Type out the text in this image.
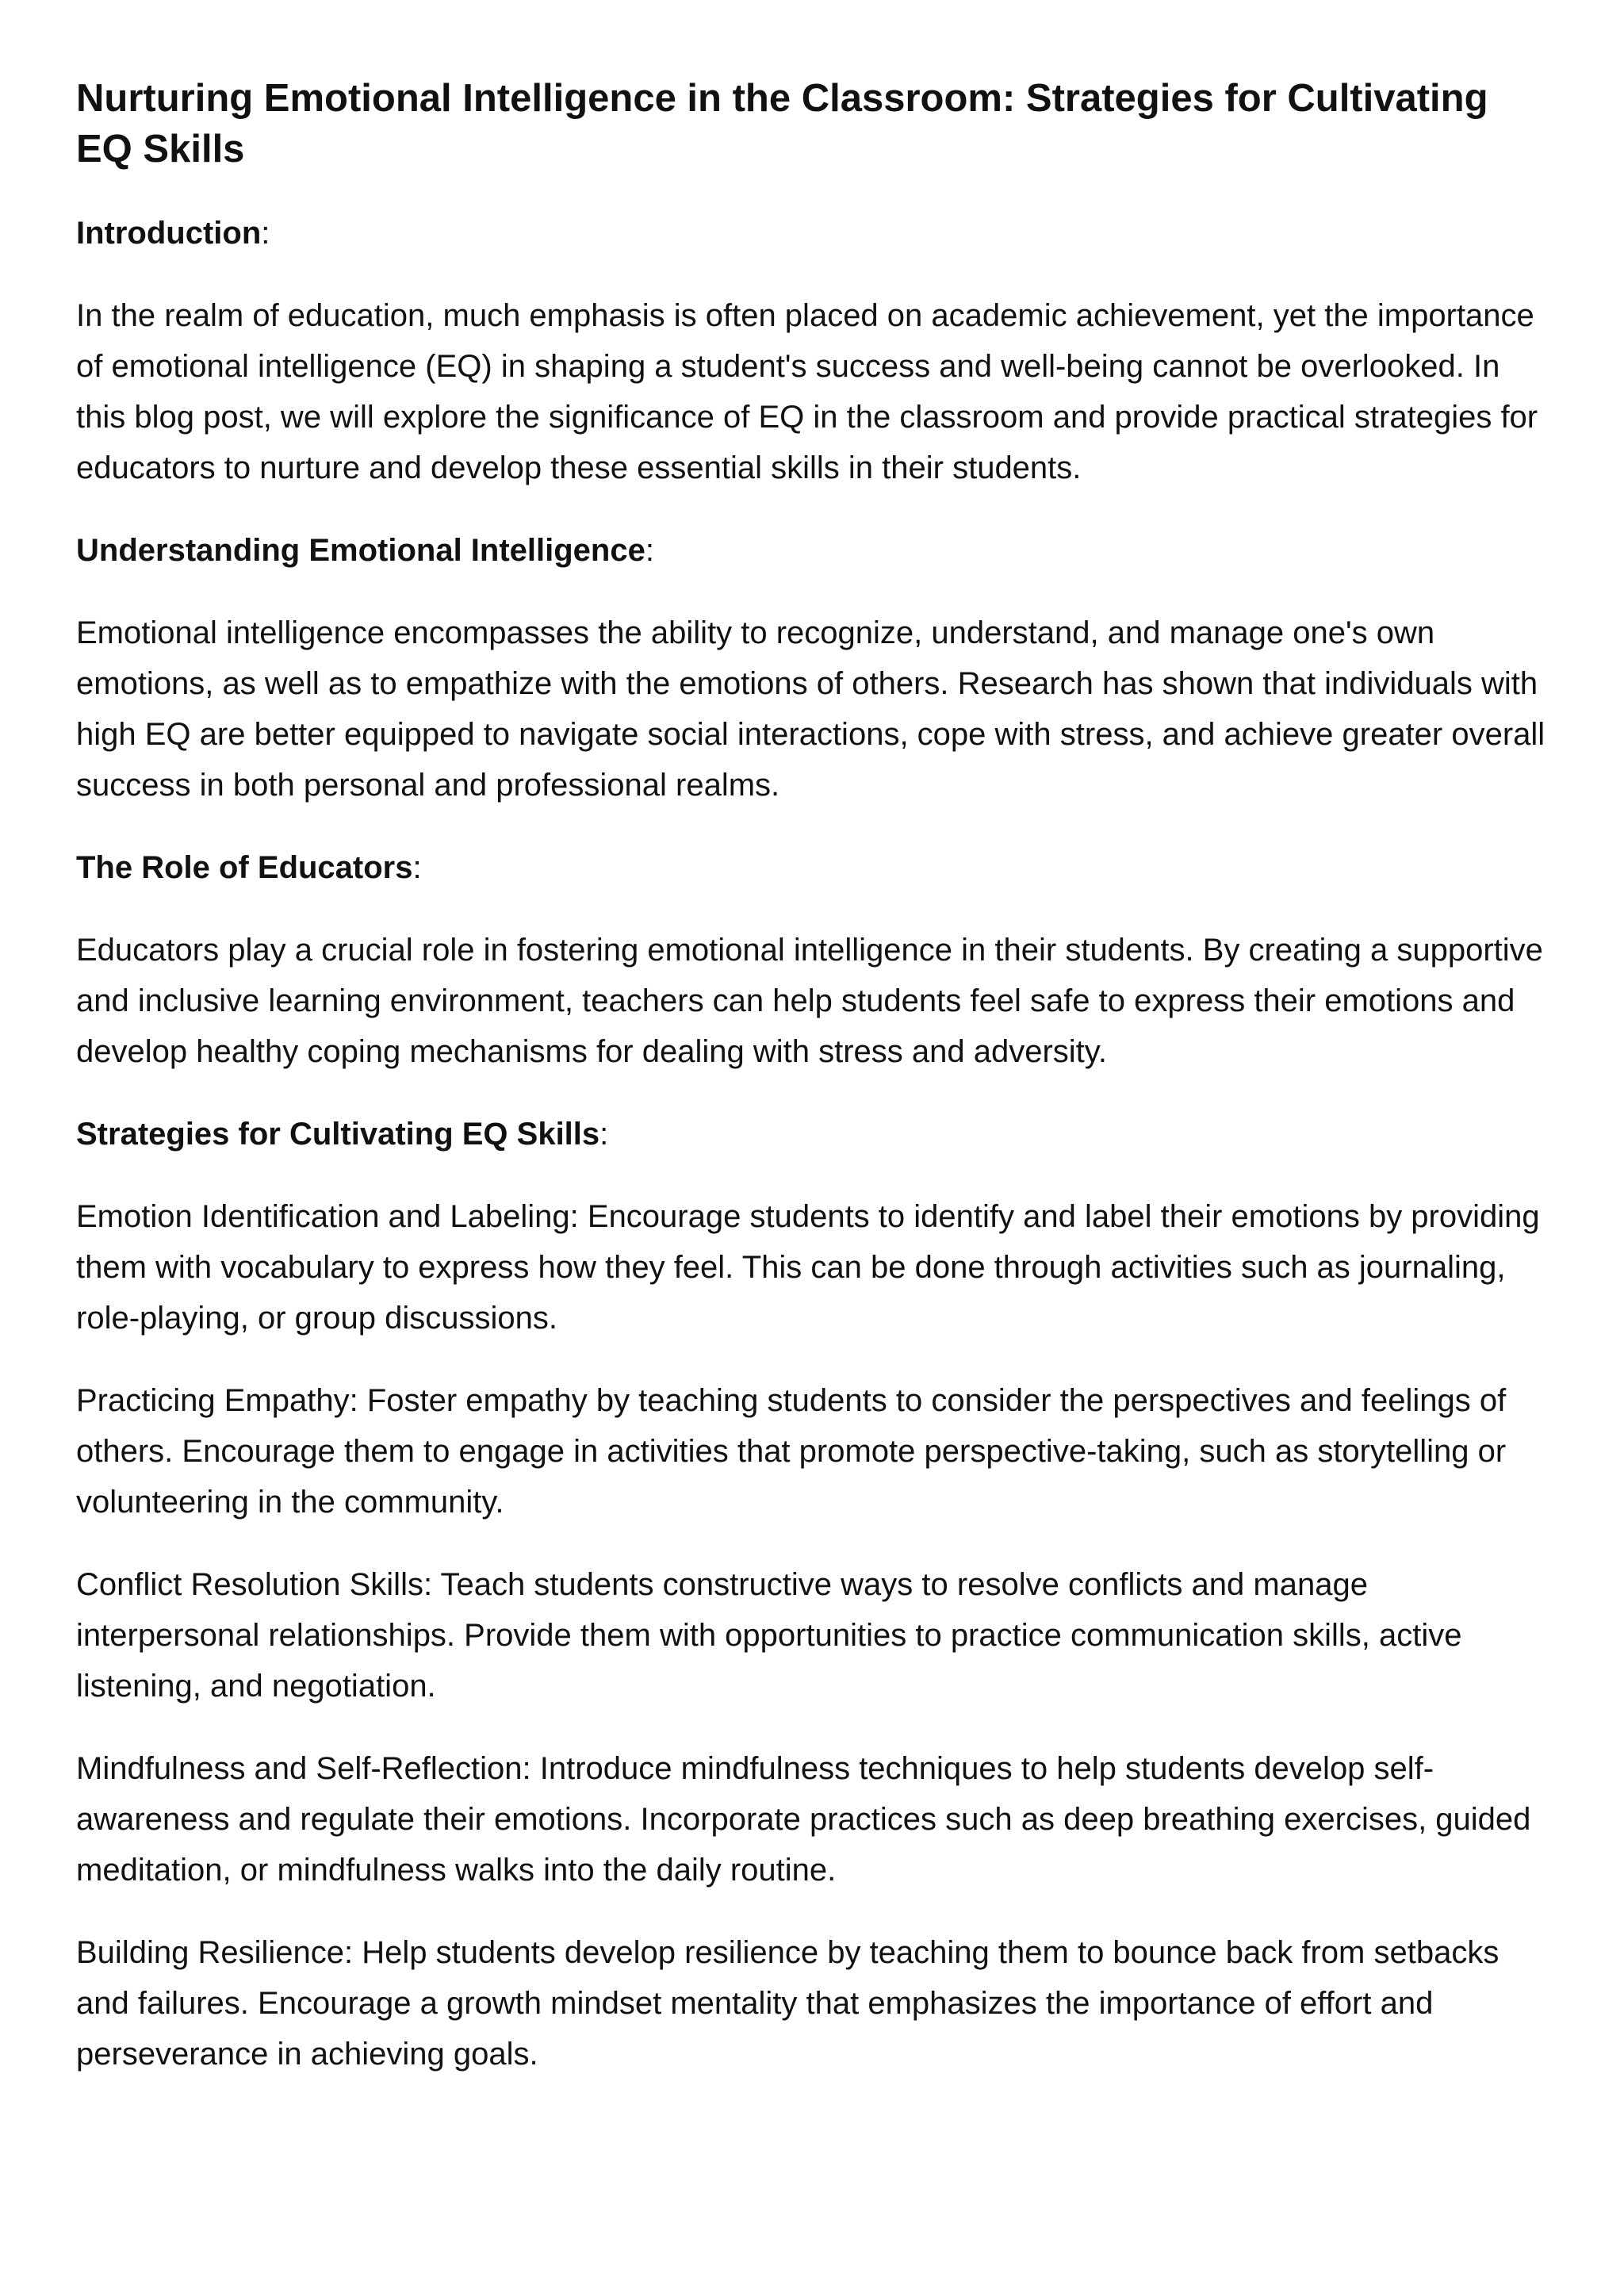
Nurturing Emotional Intelligence in the Classroom: Strategies for Cultivating EQ Skills
Introduction:

In the realm of education, much emphasis is often placed on academic achievement, yet the importance of emotional intelligence (EQ) in shaping a student's success and well-being cannot be overlooked. In this blog post, we will explore the significance of EQ in the classroom and provide practical strategies for educators to nurture and develop these essential skills in their students.

Understanding Emotional Intelligence:

Emotional intelligence encompasses the ability to recognize, understand, and manage one's own emotions, as well as to empathize with the emotions of others. Research has shown that individuals with high EQ are better equipped to navigate social interactions, cope with stress, and achieve greater overall success in both personal and professional realms.

The Role of Educators:

Educators play a crucial role in fostering emotional intelligence in their students. By creating a supportive and inclusive learning environment, teachers can help students feel safe to express their emotions and develop healthy coping mechanisms for dealing with stress and adversity.

Strategies for Cultivating EQ Skills:

Emotion Identification and Labeling: Encourage students to identify and label their emotions by providing them with vocabulary to express how they feel. This can be done through activities such as journaling, role-playing, or group discussions.

Practicing Empathy: Foster empathy by teaching students to consider the perspectives and feelings of others. Encourage them to engage in activities that promote perspective-taking, such as storytelling or volunteering in the community.

Conflict Resolution Skills: Teach students constructive ways to resolve conflicts and manage interpersonal relationships. Provide them with opportunities to practice communication skills, active listening, and negotiation.

Mindfulness and Self-Reflection: Introduce mindfulness techniques to help students develop self-awareness and regulate their emotions. Incorporate practices such as deep breathing exercises, guided meditation, or mindfulness walks into the daily routine.

Building Resilience: Help students develop resilience by teaching them to bounce back from setbacks and failures. Encourage a growth mindset mentality that emphasizes the importance of effort and perseverance in achieving goals.
